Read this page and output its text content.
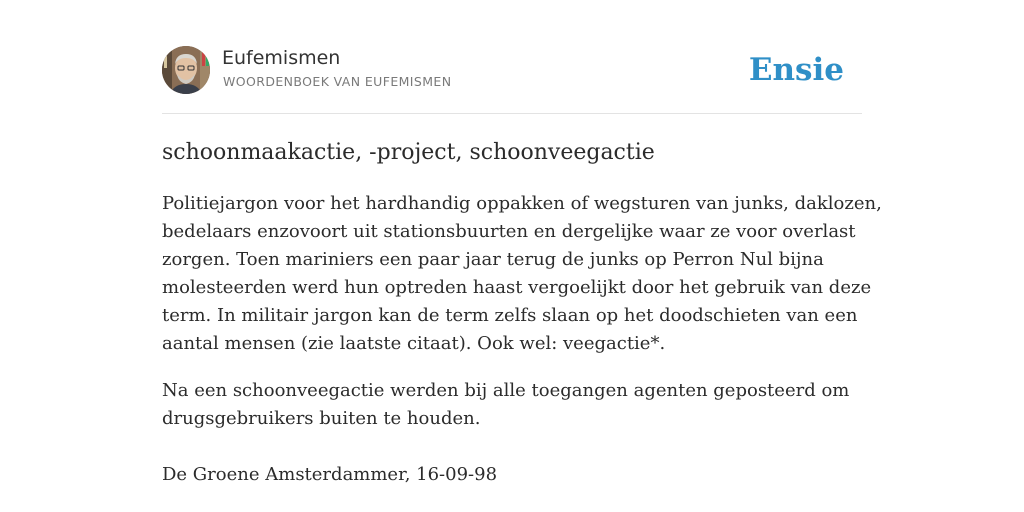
Eufemismen
WOORDENBOEK VAN EUFEMISMEN	Ensie
schoonmaakactie, -project, schoonveegactie
Politiejargon voor het hardhandig oppakken of wegsturen van junks, daklozen,
bedelaars enzovoort uit stationsbuurten en dergelijke waar ze voor overlast
zorgen. Toen mariniers een paar jaar terug de junks op Perron Nul bijna
molesteerden werd hun optreden haast vergoelijkt door het gebruik van deze
term. In militair jargon kan de term zelfs slaan op het doodschieten van een
aantal mensen (zie laatste citaat). Ook wel: veegactie*.
Na een schoonveegactie werden bij alle toegangen agenten geposteerd om
drugsgebruikers buiten te houden.
De Groene Amsterdammer, 16-09-98
